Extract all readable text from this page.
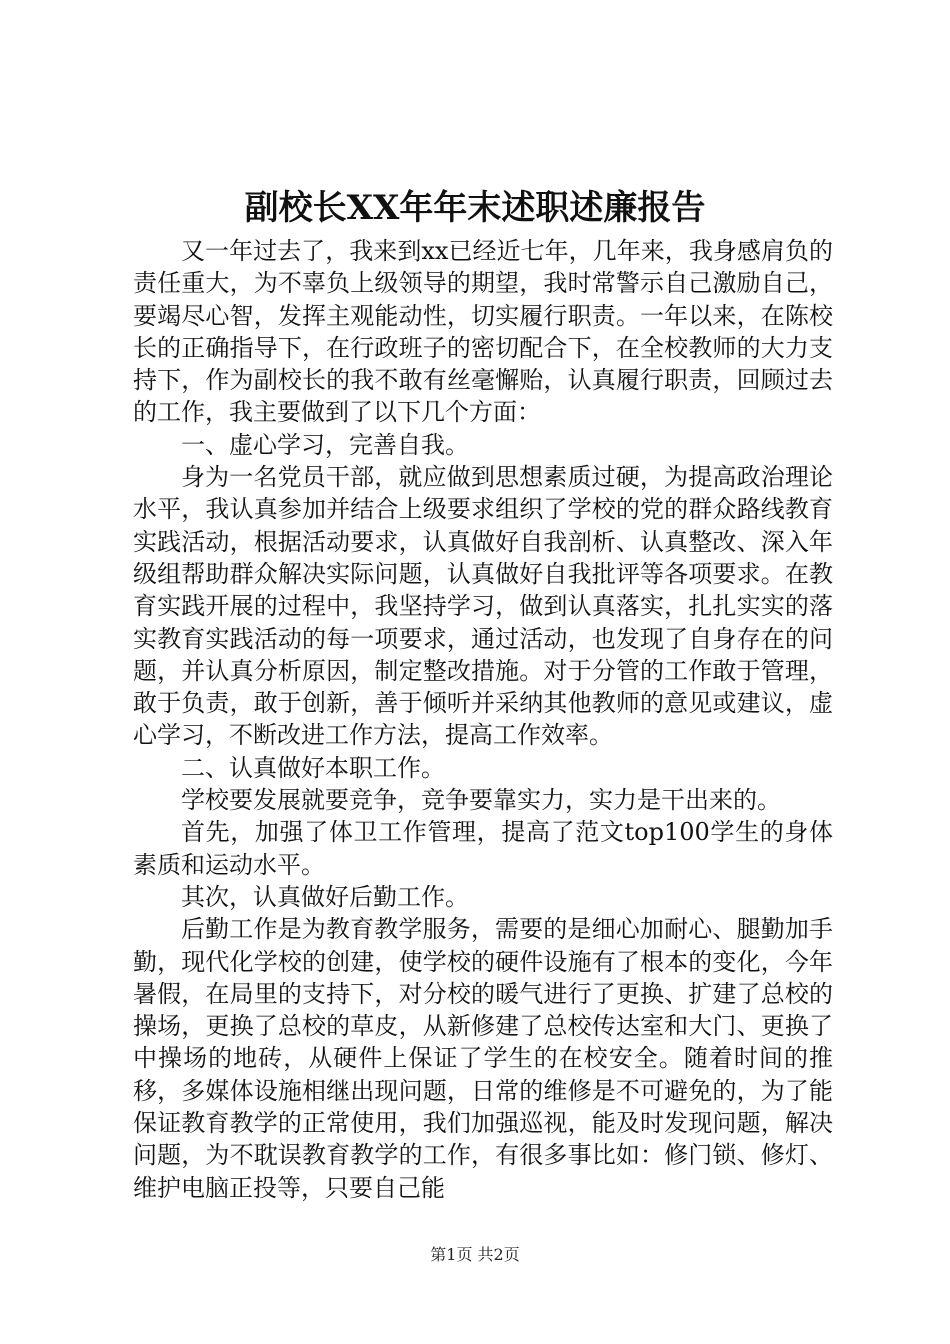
副校长XX年年末述职述廉报告

又一年过去了，我来到xx已经近七年，几年来，我身感肩负的责任重大，为不辜负上级领导的期望，我时常警示自己激励自己，要竭尽心智，发挥主观能动性，切实履行职责。一年以来，在陈校长的正确指导下，在行政班子的密切配合下，在全校教师的大力支持下，作为副校长的我不敢有丝毫懈贻，认真履行职责，回顾过去的工作，我主要做到了以下几个方面：

一、虚心学习，完善自我。

身为一名党员干部，就应做到思想素质过硬，为提高政治理论水平，我认真参加并结合上级要求组织了学校的党的群众路线教育实践活动，根据活动要求，认真做好自我剖析、认真整改、深入年级组帮助群众解决实际问题，认真做好自我批评等各项要求。在教育实践开展的过程中，我坚持学习，做到认真落实，扎扎实实的落实教育实践活动的每一项要求，通过活动，也发现了自身存在的问题，并认真分析原因，制定整改措施。对于分管的工作敢于管理，敢于负责，敢于创新，善于倾听并采纳其他教师的意见或建议，虚心学习，不断改进工作方法，提高工作效率。

二、认真做好本职工作。

学校要发展就要竞争，竞争要靠实力，实力是干出来的。

首先，加强了体卫工作管理，提高了范文top100学生的身体素质和运动水平。

其次，认真做好后勤工作。

后勤工作是为教育教学服务，需要的是细心加耐心、腿勤加手勤，现代化学校的创建，使学校的硬件设施有了根本的变化，今年暑假，在局里的支持下，对分校的暖气进行了更换、扩建了总校的操场，更换了总校的草皮，从新修建了总校传达室和大门、更换了中操场的地砖，从硬件上保证了学生的在校安全。随着时间的推移，多媒体设施相继出现问题，日常的维修是不可避免的，为了能保证教育教学的正常使用，我们加强巡视，能及时发现问题，解决问题，为不耽误教育教学的工作，有很多事比如：修门锁、修灯、维护电脑正投等，只要自己能

第1页 共2页
